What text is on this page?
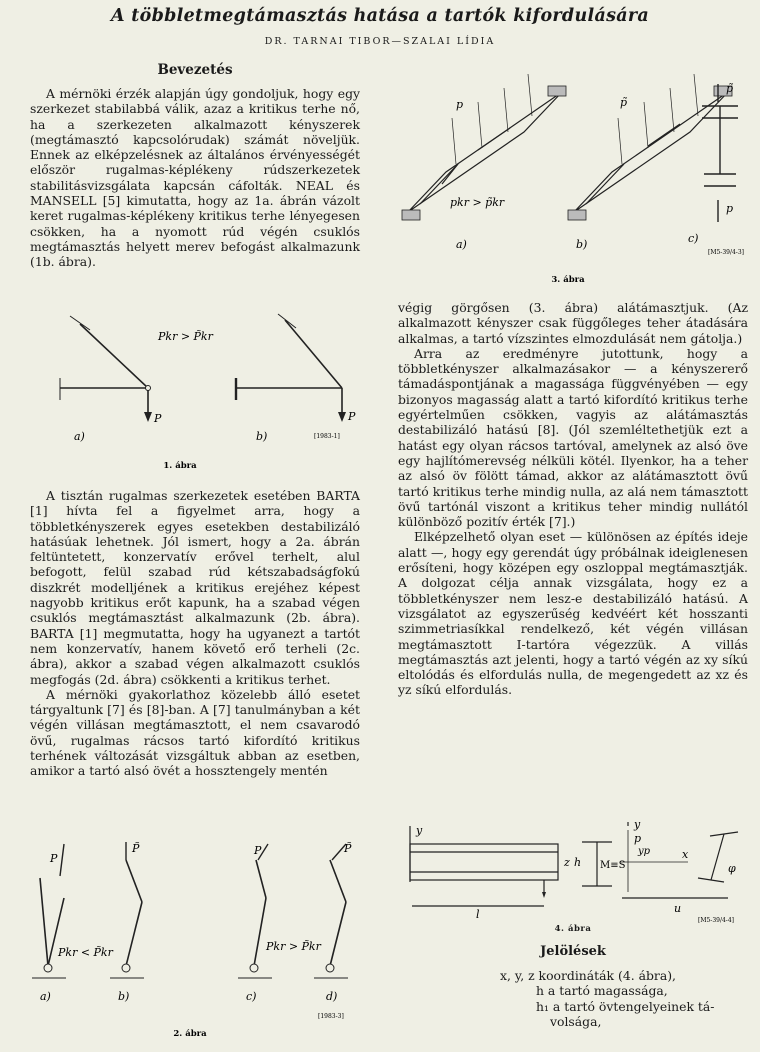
A többletmegtámasztás hatása a tartók kifordulására
DR. TARNAI TIBOR—SZALAI LÍDIA
Bevezetés

A mérnöki érzék alapján úgy gondoljuk, hogy egy szerkezet stabilabbá válik, azaz a kritikus terhe nő, ha a szerkezeten alkalmazott kényszerek (megtámasztó kapcsolórudak) számát növeljük. Ennek az elképzelésnek az általános érvényességét először rugalmas-képlékeny rúdszerkezetek stabilitásvizsgálata kapcsán cáfolták. NEAL és MANSELL [5] kimutatta, hogy az 1a. ábrán vázolt keret rugalmas-képlékeny kritikus terhe lényegesen csökken, ha a nyomott rúd végén csuklós megtámasztás helyett merev befogást alkalmazunk (1b. ábra).

P	P
Pkr > P̃kr
a)	b)	[1983-1]
1. ábra

A tisztán rugalmas szerkezetek esetében BARTA [1] hívta fel a figyelmet arra, hogy a többletkényszerek egyes esetekben destabilizáló hatásúak lehetnek. Jól ismert, hogy a 2a. ábrán feltüntetett, konzervatív erővel terhelt, alul befogott, felül szabad rúd kétszabadságfokú diszkrét modelljének a kritikus erejéhez képest nagyobb kritikus erőt kapunk, ha a szabad végen csuklós megtámasztást alkalmazunk (2b. ábra). BARTA [1] megmutatta, hogy ha ugyanezt a tartót nem konzervatív, hanem követő erő terheli (2c. ábra), akkor a szabad végen alkalmazott csuklós megfogás (2d. ábra) csökkenti a kritikus terhet.

A mérnöki gyakorlathoz közelebb álló esetet tárgyaltunk [7] és [8]-ban. A [7] tanulmányban a két végén villásan megtámasztott, el nem csavarodó övű, rugalmas rácsos tartó kifordító kritikus terhének változását vizsgáltuk abban az esetben, amikor a tartó alsó övét a hossztengely mentén

P
P̃	P	P̃
Pkr < P̃kr	Pkr > P̃kr
a)	b)	c)	d)
[1983-3]
2. ábra
p	p̃
p̃
p
pkr > p̃kr
a)	b)	c)
[M5-39/4-3]
3. ábra

végig görgősen (3. ábra) alátámasztjuk. (Az alkalmazott kényszer csak függőleges teher átadására alkalmas, a tartó vízszintes elmozdulását nem gátolja.)

Arra az eredményre jutottunk, hogy a többletkényszer alkalmazásakor — a kényszererő támadáspontjának a magassága függvényében — egy bizonyos magasság alatt a tartó kifordító kritikus terhe egyértelműen csökken, vagyis az alátámasztás destabilizáló hatású [8]. (Jól szemléltethetjük ezt a hatást egy olyan rácsos tartóval, amelynek az alsó öve egy hajlítómerevség nélküli kötél. Ilyenkor, ha a teher az alsó öv fölött támad, akkor az alátámasztott övű tartó kritikus terhe mindig nulla, az alá nem támasztott övű tartónál viszont a kritikus teher mindig nullától különböző pozitív érték [7].)

Elképzelhető olyan eset — különösen az építés ideje alatt —, hogy egy gerendát úgy próbálnak ideiglenesen erősíteni, hogy középen egy oszloppal megtámasztják. A dolgozat célja annak vizsgálata, hogy ez a többletkényszer nem lesz-e destabilizáló hatású. A vizsgálatot az egyszerűség kedvéért két hosszanti szimmetriasíkkal rendelkező, két végén villásan megtámasztott I-tartóra végezzük. A villás megtámasztás azt jelenti, hogy a tartó végén az xy síkú eltolódás és elfordulás nulla, de megengedett az xz és yz síkú elfordulás.

y
z h
l
y
p
M≡S
yp	x
u
φ
[M5-39/4-4]
4. ábra
Jelölések
x, y, z koordináták (4. ábra),
h a tartó magassága,
h₁ a tartó övtengelyeinek tá-
volsága,
